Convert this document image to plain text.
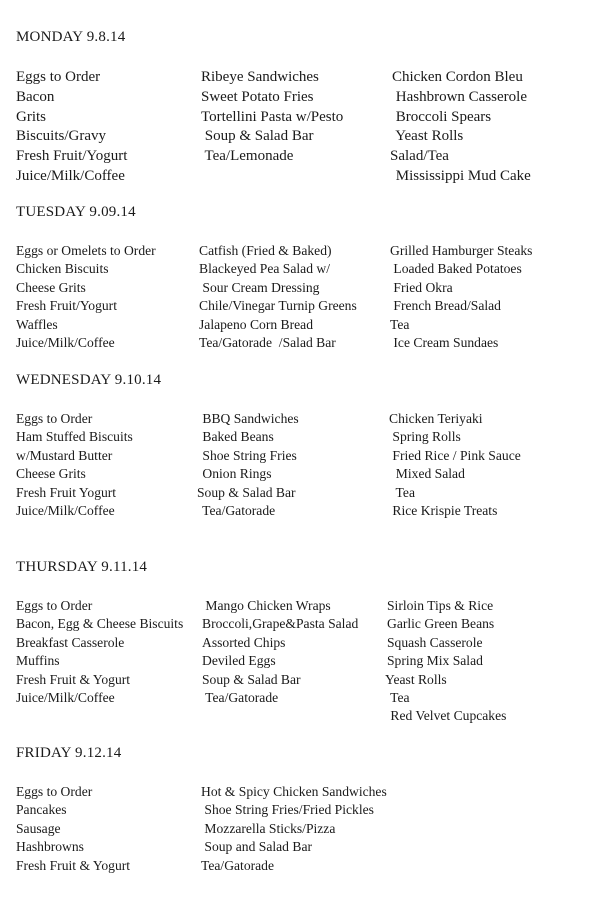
MONDAY 9.8.14
Eggs to Order
Bacon
Grits
Biscuits/Gravy
Fresh Fruit/Yogurt
Juice/Milk/Coffee
Ribeye Sandwiches
Sweet Potato Fries
Tortellini Pasta w/Pesto
Soup & Salad Bar
Tea/Lemonade
Chicken Cordon Bleu
Hashbrown Casserole
Broccoli Spears
Yeast Rolls
Salad/Tea
Mississippi Mud Cake
TUESDAY 9.09.14
Eggs or Omelets to Order
Chicken Biscuits
Cheese Grits
Fresh Fruit/Yogurt
Waffles
Juice/Milk/Coffee
Catfish (Fried & Baked)
Blackeyed Pea Salad w/
Sour Cream Dressing
Chile/Vinegar Turnip Greens
Jalapeno Corn Bread
Tea/Gatorade  /Salad Bar
Grilled Hamburger Steaks
Loaded Baked Potatoes
Fried Okra
French Bread/Salad
Tea
Ice Cream Sundaes
WEDNESDAY 9.10.14
Eggs to Order
Ham Stuffed Biscuits
w/Mustard Butter
Cheese Grits
Fresh Fruit Yogurt
Juice/Milk/Coffee
BBQ Sandwiches
Baked Beans
Shoe String Fries
Onion Rings
Soup & Salad Bar
Tea/Gatorade
Chicken Teriyaki
Spring Rolls
Fried Rice / Pink Sauce
Mixed Salad
Tea
Rice Krispie Treats
THURSDAY 9.11.14
Eggs to Order
Bacon, Egg & Cheese Biscuits
Breakfast Casserole
Muffins
Fresh Fruit & Yogurt
Juice/Milk/Coffee
Mango Chicken Wraps
Broccoli,Grape&Pasta Salad
Assorted Chips
Deviled Eggs
Soup & Salad Bar
Tea/Gatorade
Sirloin Tips & Rice
Garlic Green Beans
Squash Casserole
Spring Mix Salad
Yeast Rolls
Tea
Red Velvet Cupcakes
FRIDAY 9.12.14
Eggs to Order
Pancakes
Sausage
Hashbrowns
Fresh Fruit & Yogurt
Hot & Spicy Chicken Sandwiches
Shoe String Fries/Fried Pickles
Mozzarella Sticks/Pizza
Soup and Salad Bar
Tea/Gatorade
